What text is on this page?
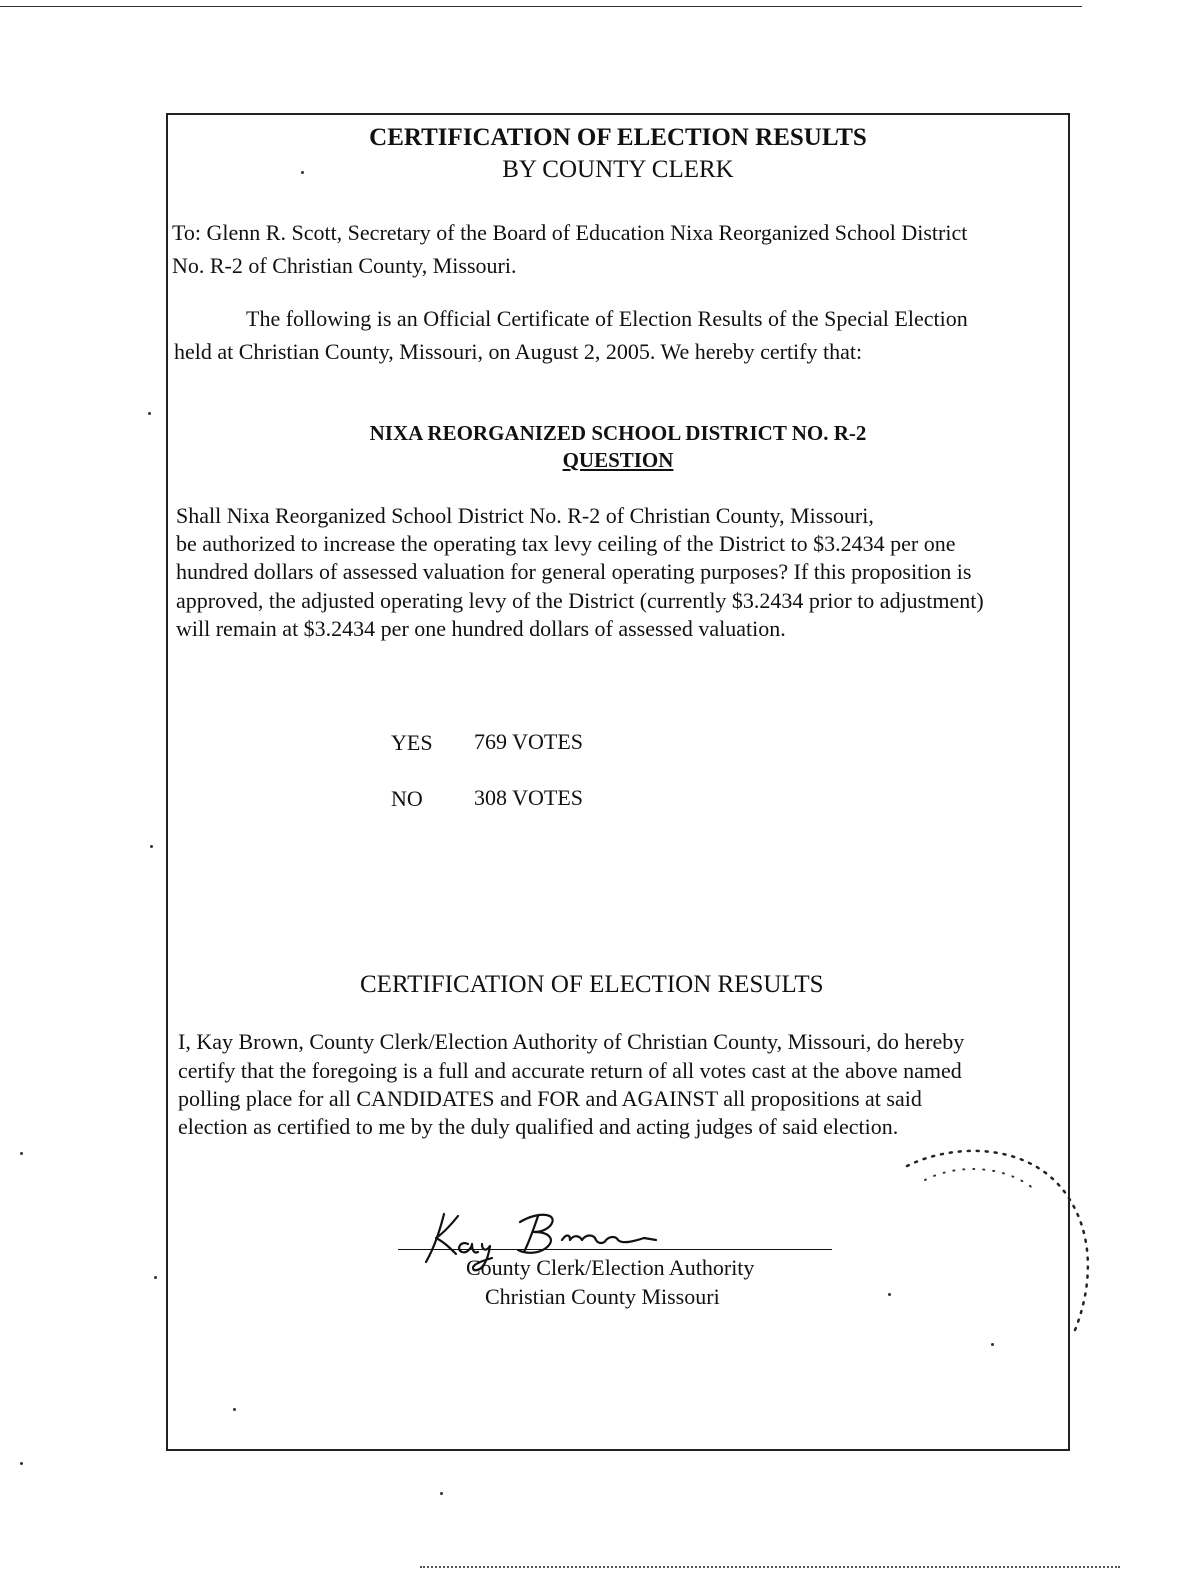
CERTIFICATION OF ELECTION RESULTS
BY COUNTY CLERK
To: Glenn R. Scott, Secretary of the Board of Education Nixa Reorganized School District
No. R-2 of Christian County, Missouri.
The following is an Official Certificate of Election Results of the Special Election
held at Christian County, Missouri, on August 2, 2005. We hereby certify that:
NIXA REORGANIZED SCHOOL DISTRICT NO. R-2
QUESTION
Shall Nixa Reorganized School District No. R-2 of Christian County, Missouri,
be authorized to increase the operating tax levy ceiling of the District to $3.2434 per one
hundred dollars of assessed valuation for general operating purposes? If this proposition is
approved, the adjusted operating levy of the District (currently $3.2434 prior to adjustment)
will remain at $3.2434 per one hundred dollars of assessed valuation.
YES 769 VOTES
NO 308 VOTES
CERTIFICATION OF ELECTION RESULTS
I, Kay Brown, County Clerk/Election Authority of Christian County, Missouri, do hereby
certify that the foregoing is a full and accurate return of all votes cast at the above named
polling place for all CANDIDATES and FOR and AGAINST all propositions at said
election as certified to me by the duly qualified and acting judges of said election.
County Clerk/Election Authority
Christian County Missouri
